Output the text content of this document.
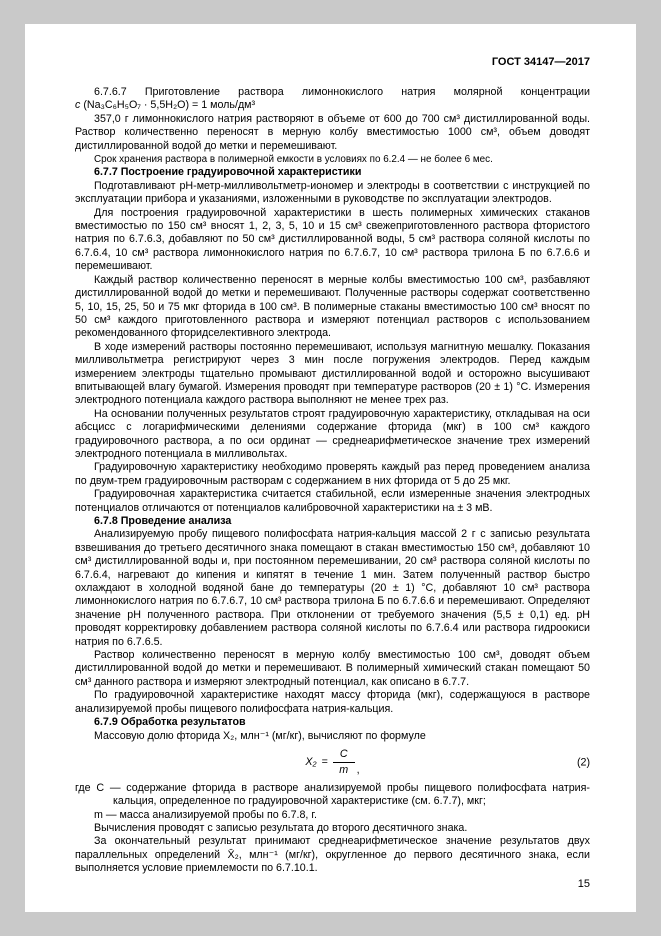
ГОСТ 34147—2017

6.7.6.7 Приготовление раствора лимоннокислого натрия молярной концентрации
с (Na₃C₆H₅O₇ · 5,5H₂O) = 1 моль/дм³

357,0 г лимоннокислого натрия растворяют в объеме от 600 до 700 см³ дистиллированной воды. Раствор количественно переносят в мерную колбу вместимостью 1000 см³, объем доводят дистиллированной водой до метки и перемешивают.

Срок хранения раствора в полимерной емкости в условиях по 6.2.4 — не более 6 мес.

6.7.7 Построение градуировочной характеристики

Подготавливают рН-метр-милливольтметр-иономер и электроды в соответствии с инструкцией по эксплуатации прибора и указаниями, изложенными в руководстве по эксплуатации электродов.

Для построения градуировочной характеристики в шесть полимерных химических стаканов вместимостью по 150 см³ вносят 1, 2, 3, 5, 10 и 15 см³ свежеприготовленного раствора фтористого натрия по 6.7.6.3, добавляют по 50 см³ дистиллированной воды, 5 см³ раствора соляной кислоты по 6.7.6.4, 10 см³ раствора лимоннокислого натрия по 6.7.6.7, 10 см³ раствора трилона Б по 6.7.6.6 и перемешивают.

Каждый раствор количественно переносят в мерные колбы вместимостью 100 см³, разбавляют дистиллированной водой до метки и перемешивают. Полученные растворы содержат соответственно 5, 10, 15, 25, 50 и 75 мкг фторида в 100 см³. В полимерные стаканы вместимостью 100 см³ вносят по 50 см³ каждого приготовленного раствора и измеряют потенциал растворов с использованием рекомендованного фторидселективного электрода.

В ходе измерений растворы постоянно перемешивают, используя магнитную мешалку. Показания милливольтметра регистрируют через 3 мин после погружения электродов. Перед каждым измерением электроды тщательно промывают дистиллированной водой и осторожно высушивают впитывающей влагу бумагой. Измерения проводят при температуре растворов (20 ± 1) °С. Измерения электродного потенциала каждого раствора выполняют не менее трех раз.

На основании полученных результатов строят градуировочную характеристику, откладывая на оси абсцисс с логарифмическими делениями содержание фторида (мкг) в 100 см³ каждого градуировочного раствора, а по оси ординат — среднеарифметическое значение трех измерений электродного потенциала в милливольтах.

Градуировочную характеристику необходимо проверять каждый раз перед проведением анализа по двум-трем градуировочным растворам с содержанием в них фторида от 5 до 25 мкг.

Градуировочная характеристика считается стабильной, если измеренные значения электродных потенциалов отличаются от потенциалов калибровочной характеристики на ± 3 мВ.

6.7.8 Проведение анализа

Анализируемую пробу пищевого полифосфата натрия-кальция массой 2 г с записью результата взвешивания до третьего десятичного знака помещают в стакан вместимостью 150 см³, добавляют 10 см³ дистиллированной воды и, при постоянном перемешивании, 20 см³ раствора соляной кислоты по 6.7.6.4, нагревают до кипения и кипятят в течение 1 мин. Затем полученный раствор быстро охлаждают в холодной водяной бане до температуры (20 ± 1) °С, добавляют 10 см³ раствора лимоннокислого натрия по 6.7.6.7, 10 см³ раствора трилона Б по 6.7.6.6 и перемешивают. Определяют значение рН полученного раствора. При отклонении от требуемого значения (5,5 ± 0,1) ед. рН проводят корректировку добавлением раствора соляной кислоты по 6.7.6.4 или раствора гидроокиси натрия по 6.7.6.5.

Раствор количественно переносят в мерную колбу вместимостью 100 см³, доводят объем дистиллированной водой до метки и перемешивают. В полимерный химический стакан помещают 50 см³ данного раствора и измеряют электродный потенциал, как описано в 6.7.7.

По градуировочной характеристике находят массу фторида (мкг), содержащуюся в растворе анализируемой пробы пищевого полифосфата натрия-кальция.

6.7.9 Обработка результатов

Массовую долю фторида X₂, млн⁻¹ (мг/кг), вычисляют по формуле

$X_2 = \frac{C}{m}$ ,
(2)

где C — содержание фторида в растворе анализируемой пробы пищевого полифосфата натрия-кальция, определенное по градуировочной характеристике (см. 6.7.7), мкг;

m — масса анализируемой пробы по 6.7.8, г.

Вычисления проводят с записью результата до второго десятичного знака.

За окончательный результат принимают среднеарифметическое значение результатов двух параллельных определений X̄₂, млн⁻¹ (мг/кг), округленное до первого десятичного знака, если выполняется условие приемлемости по 6.7.10.1.

15
